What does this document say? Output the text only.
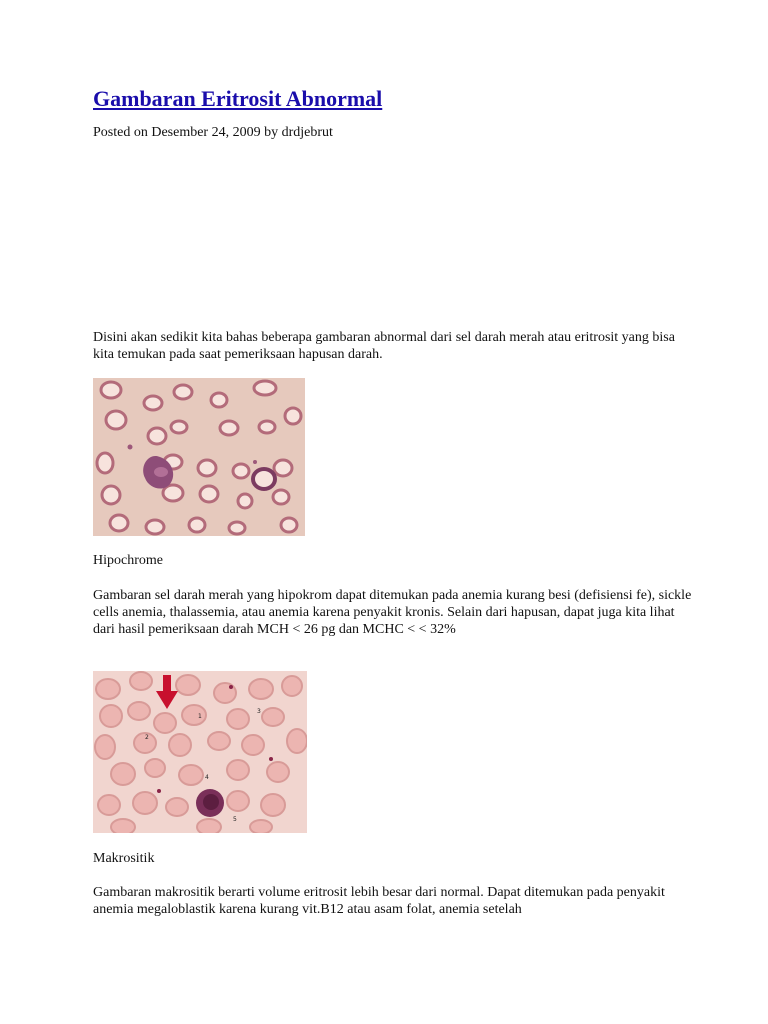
Gambaran Eritrosit Abnormal
Posted on Desember 24, 2009 by drdjebrut

Disini akan sedikit kita bahas beberapa gambaran abnormal dari sel darah merah atau eritrosit yang bisa kita temukan pada saat pemeriksaan hapusan darah.

Hipochrome

Gambaran sel darah merah yang hipokrom dapat ditemukan pada anemia kurang besi (defisiensi fe), sickle cells anemia, thalassemia, atau anemia karena penyakit kronis. Selain dari hapusan, dapat juga kita lihat dari hasil pemeriksaan darah MCH < 26 pg dan MCHC < < 32%

1
2
3
4
5
Makrositik

Gambaran makrositik berarti volume eritrosit lebih besar dari normal. Dapat ditemukan pada penyakit anemia megaloblastik karena kurang vit.B12 atau asam folat, anemia setelah
